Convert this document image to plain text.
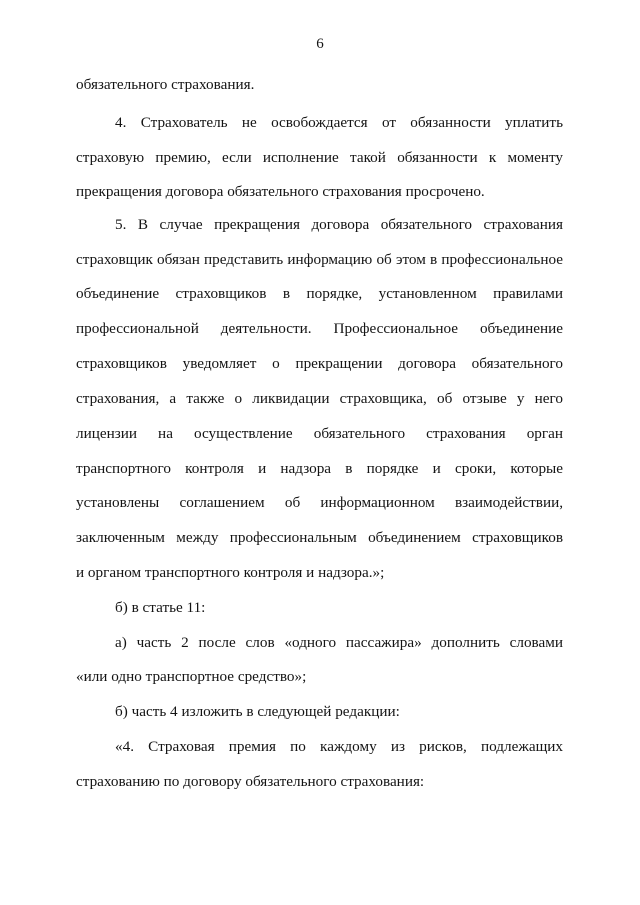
6
обязательного страхования.
4. Страхователь не освобождается от обязанности уплатить
страховую премию, если исполнение такой обязанности к моменту
прекращения договора обязательного страхования просрочено.
5. В случае прекращения договора обязательного страхования
страховщик обязан представить информацию об этом в профессиональное
объединение страховщиков в порядке, установленном правилами
профессиональной деятельности. Профессиональное объединение
страховщиков уведомляет о прекращении договора обязательного
страхования, а также о ликвидации страховщика, об отзыве у него
лицензии на осуществление обязательного страхования орган
транспортного контроля и надзора в порядке и сроки, которые
установлены соглашением об информационном взаимодействии,
заключенным между профессиональным объединением страховщиков
и органом транспортного контроля и надзора.»;
б) в статье 11:
а) часть 2 после слов «одного пассажира» дополнить словами
«или одно транспортное средство»;
б) часть 4 изложить в следующей редакции:
«4. Страховая премия по каждому из рисков, подлежащих
страхованию по договору обязательного страхования:
